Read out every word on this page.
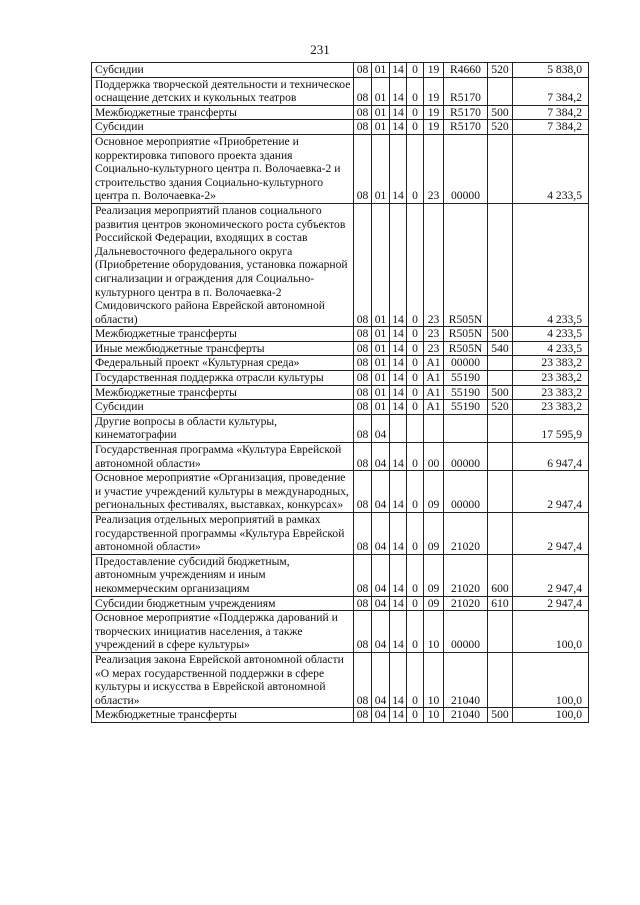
231
Субсидии	08	01	14	0	19	R4660	520	5 838,0
Поддержка творческой деятельности и техническое оснащение детских и кукольных театров	08	01	14	0	19	R5170		7 384,2
Межбюджетные трансферты	08	01	14	0	19	R5170	500	7 384,2
Субсидии	08	01	14	0	19	R5170	520	7 384,2
Основное мероприятие «Приобретение и корректировка типового проекта здания Социально-культурного центра п. Волочаевка-2 и строительство здания Социально-культурного центра п. Волочаевка-2»	08	01	14	0	23	00000		4 233,5
Реализация мероприятий планов социального развития центров экономического роста субъектов Российской Федерации, входящих в состав Дальневосточного федерального округа (Приобретение оборудования, установка пожарной сигнализации и ограждения для Социально-культурного центра в п. Волочаевка-2 Смидовичского района Еврейской автономной области)	08	01	14	0	23	R505N		4 233,5
Межбюджетные трансферты	08	01	14	0	23	R505N	500	4 233,5
Иные межбюджетные трансферты	08	01	14	0	23	R505N	540	4 233,5
Федеральный проект «Культурная среда»	08	01	14	0	A1	00000		23 383,2
Государственная поддержка отрасли культуры	08	01	14	0	A1	55190		23 383,2
Межбюджетные трансферты	08	01	14	0	A1	55190	500	23 383,2
Субсидии	08	01	14	0	A1	55190	520	23 383,2
Другие вопросы в области культуры, кинематографии	08	04						17 595,9
Государственная программа «Культура Еврейской автономной области»	08	04	14	0	00	00000		6 947,4
Основное мероприятие «Организация, проведение и участие учреждений культуры в международных, региональных фестивалях, выставках, конкурсах»	08	04	14	0	09	00000		2 947,4
Реализация отдельных мероприятий в рамках государственной программы «Культура Еврейской автономной области»	08	04	14	0	09	21020		2 947,4
Предоставление субсидий бюджетным, автономным учреждениям и иным некоммерческим организациям	08	04	14	0	09	21020	600	2 947,4
Субсидии бюджетным учреждениям	08	04	14	0	09	21020	610	2 947,4
Основное мероприятие «Поддержка дарований и творческих инициатив населения, а также учреждений в сфере культуры»	08	04	14	0	10	00000		100,0
Реализация закона Еврейской автономной области «О мерах государственной поддержки в сфере культуры и искусства в Еврейской автономной области»	08	04	14	0	10	21040		100,0
Межбюджетные трансферты	08	04	14	0	10	21040	500	100,0
